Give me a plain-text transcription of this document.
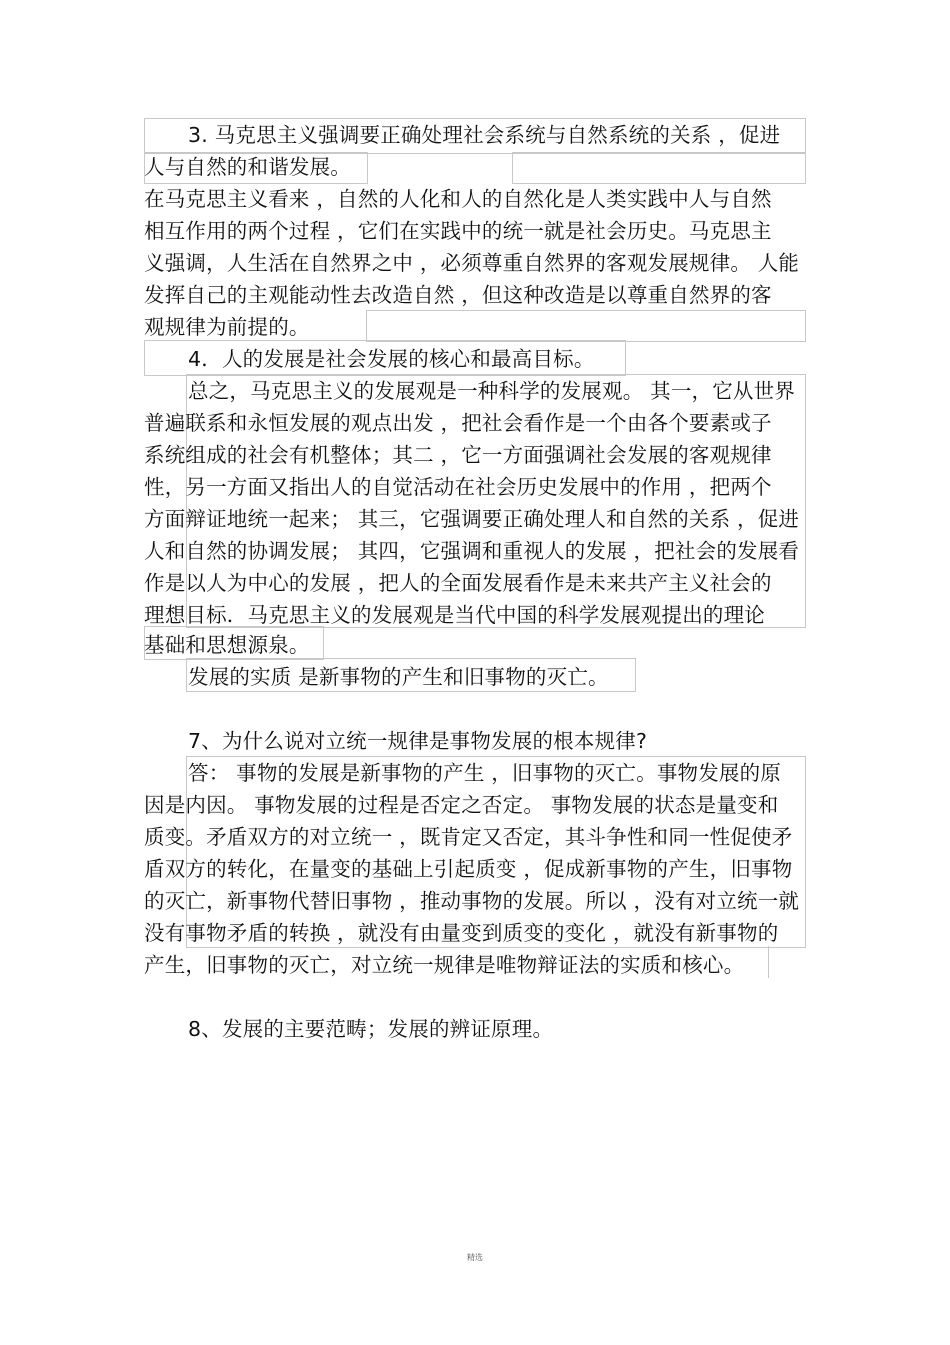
3. 马克思主义强调要正确处理社会系统与自然系统的关系 ，促进

人与自然的和谐发展。

在马克思主义看来 ，自然的人化和人的自然化是人类实践中人与自然

相互作用的两个过程 ，它们在实践中的统一就是社会历史。马克思主

义强调，人生活在自然界之中 ，必须尊重自然界的客观发展规律。 人能

发挥自己的主观能动性去改造自然 ，但这种改造是以尊重自然界的客

观规律为前提的。

4．人的发展是社会发展的核心和最高目标。

总之，马克思主义的发展观是一种科学的发展观。 其一，它从世界

普遍联系和永恒发展的观点出发 ，把社会看作是一个由各个要素或子

系统组成的社会有机整体；其二 ，它一方面强调社会发展的客观规律

性，另一方面又指出人的自觉活动在社会历史发展中的作用 ，把两个

方面辩证地统一起来； 其三，它强调要正确处理人和自然的关系 ，促进

人和自然的协调发展； 其四，它强调和重视人的发展 ，把社会的发展看

作是以人为中心的发展 ，把人的全面发展看作是未来共产主义社会的

理想目标．马克思主义的发展观是当代中国的科学发展观提出的理论

基础和思想源泉。

发展的实质 是新事物的产生和旧事物的灭亡。

7、为什么说对立统一规律是事物发展的根本规律?

答： 事物的发展是新事物的产生 ，旧事物的灭亡。事物发展的原

因是内因。 事物发展的过程是否定之否定。 事物发展的状态是量变和

质变。矛盾双方的对立统一 ，既肯定又否定，其斗争性和同一性促使矛

盾双方的转化，在量变的基础上引起质变 ，促成新事物的产生，旧事物

的灭亡，新事物代替旧事物 ，推动事物的发展。所以 ，没有对立统一就

没有事物矛盾的转换 ，就没有由量变到质变的变化 ，就没有新事物的

产生，旧事物的灭亡，对立统一规律是唯物辩证法的实质和核心。

8、发展的主要范畴；发展的辨证原理。

精选
